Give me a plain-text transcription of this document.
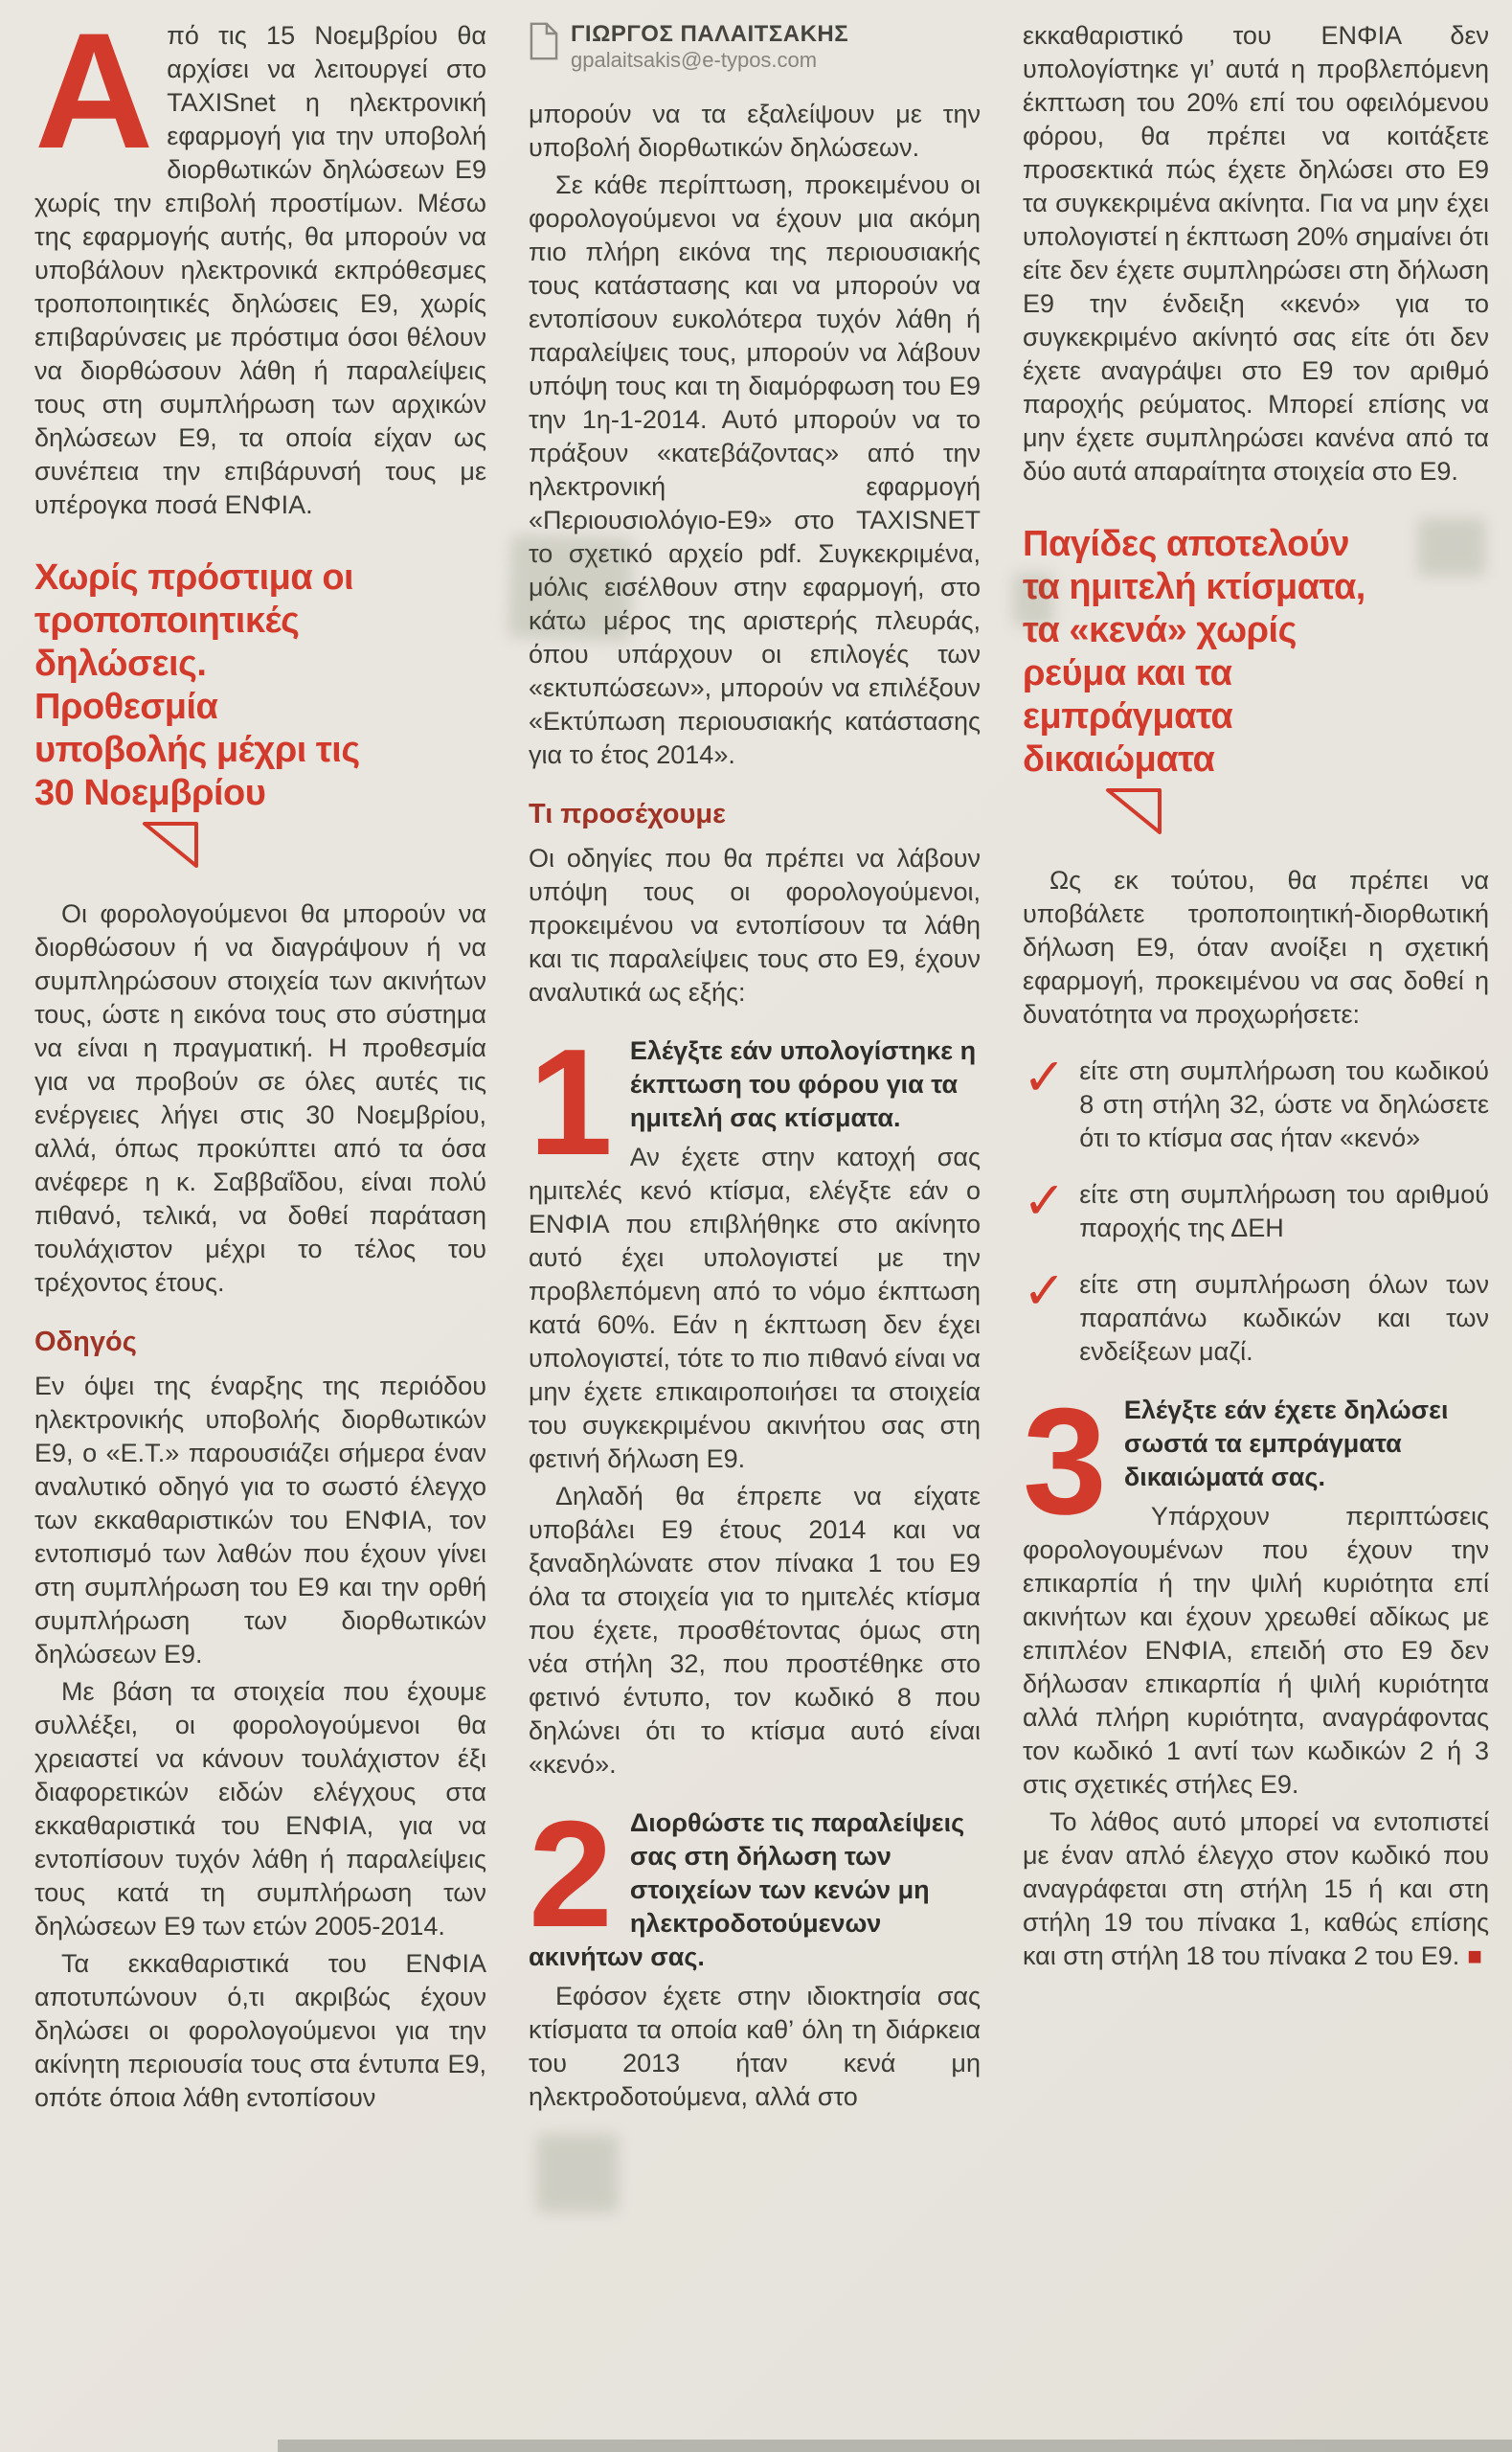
Από τις 15 Νοεμβρίου θα αρχίσει να λειτουργεί στο TAXISnet η ηλεκτρονική εφαρμογή για την υποβολή διορθωτικών δηλώσεων Ε9 χωρίς την επιβολή προστίμων. Μέσω της εφαρμογής αυτής, θα μπορούν να υποβάλουν ηλεκτρονικά εκπρόθεσμες τροποποιητικές δηλώσεις Ε9, χωρίς επιβαρύνσεις με πρόστιμα όσοι θέλουν να διορθώσουν λάθη ή παραλείψεις τους στη συμπλήρωση των αρχικών δηλώσεων Ε9, τα οποία είχαν ως συνέπεια την επιβάρυνσή τους με υπέρογκα ποσά ΕΝΦΙΑ.

Χωρίς πρόστιμα οι τροποποιητικές δηλώσεις. Προθεσμία υποβολής μέχρι τις 30 Νοεμβρίου

Οι φορολογούμενοι θα μπορούν να διορθώσουν ή να διαγράψουν ή να συμπληρώσουν στοιχεία των ακινήτων τους, ώστε η εικόνα τους στο σύστημα να είναι η πραγματική. Η προθεσμία για να προβούν σε όλες αυτές τις ενέργειες λήγει στις 30 Νοεμβρίου, αλλά, όπως προκύπτει από τα όσα ανέφερε η κ. Σαββαΐδου, είναι πολύ πιθανό, τελικά, να δοθεί παράταση τουλάχιστον μέχρι το τέλος του τρέχοντος έτους.

Οδηγός

Εν όψει της έναρξης της περιόδου ηλεκτρονικής υποβολής διορθωτικών Ε9, ο «Ε.Τ.» παρουσιάζει σήμερα έναν αναλυτικό οδηγό για το σωστό έλεγχο των εκκαθαριστικών του ΕΝΦΙΑ, τον εντοπισμό των λαθών που έχουν γίνει στη συμπλήρωση του Ε9 και την ορθή συμπλήρωση των διορθωτικών δηλώσεων Ε9.

Με βάση τα στοιχεία που έχουμε συλλέξει, οι φορολογούμενοι θα χρειαστεί να κάνουν τουλάχιστον έξι διαφορετικών ειδών ελέγχους στα εκκαθαριστικά του ΕΝΦΙΑ, για να εντοπίσουν τυχόν λάθη ή παραλείψεις τους κατά τη συμπλήρωση των δηλώσεων Ε9 των ετών 2005-2014.

Τα εκκαθαριστικά του ΕΝΦΙΑ αποτυπώνουν ό,τι ακριβώς έχουν δηλώσει οι φορολογούμενοι για την ακίνητη περιουσία τους στα έντυπα Ε9, οπότε όποια λάθη εντοπίσουν

ΓΙΩΡΓΟΣ ΠΑΛΑΙΤΣΑΚΗΣ
gpalaitsakis@e-typos.com

μπορούν να τα εξαλείψουν με την υποβολή διορθωτικών δηλώσεων.

Σε κάθε περίπτωση, προκειμένου οι φορολογούμενοι να έχουν μια ακόμη πιο πλήρη εικόνα της περιουσιακής τους κατάστασης και να μπορούν να εντοπίσουν ευκολότερα τυχόν λάθη ή παραλείψεις τους, μπορούν να λάβουν υπόψη τους και τη διαμόρφωση του Ε9 την 1η-1-2014. Αυτό μπορούν να το πράξουν «κατεβάζοντας» από την ηλεκτρονική εφαρμογή «Περιουσιολόγιο-Ε9» στο TAXISNET το σχετικό αρχείο pdf. Συγκεκριμένα, μόλις εισέλθουν στην εφαρμογή, στο κάτω μέρος της αριστερής πλευράς, όπου υπάρχουν οι επιλογές των «εκτυπώσεων», μπορούν να επιλέξουν «Εκτύπωση περιουσιακής κατάστασης για το έτος 2014».

Τι προσέχουμε

Οι οδηγίες που θα πρέπει να λάβουν υπόψη τους οι φορολογούμενοι, προκειμένου να εντοπίσουν τα λάθη και τις παραλείψεις τους στο Ε9, έχουν αναλυτικά ως εξής:

1 Ελέγξτε εάν υπολογίστηκε η έκπτωση του φόρου για τα ημιτελή σας κτίσματα.

Αν έχετε στην κατοχή σας ημιτελές κενό κτίσμα, ελέγξτε εάν ο ΕΝΦΙΑ που επιβλήθηκε στο ακίνητο αυτό έχει υπολογιστεί με την προβλεπόμενη από το νόμο έκπτωση κατά 60%. Εάν η έκπτωση δεν έχει υπολογιστεί, τότε το πιο πιθανό είναι να μην έχετε επικαιροποιήσει τα στοιχεία του συγκεκριμένου ακινήτου σας στη φετινή δήλωση Ε9.

Δηλαδή θα έπρεπε να είχατε υποβάλει Ε9 έτους 2014 και να ξαναδηλώνατε στον πίνακα 1 του Ε9 όλα τα στοιχεία για το ημιτελές κτίσμα που έχετε, προσθέτοντας όμως στη νέα στήλη 32, που προστέθηκε στο φετινό έντυπο, τον κωδικό 8 που δηλώνει ότι το κτίσμα αυτό είναι «κενό».

2 Διορθώστε τις παραλείψεις σας στη δήλωση των στοιχείων των κενών μη ηλεκτροδοτούμενων ακινήτων σας.

Εφόσον έχετε στην ιδιοκτησία σας κτίσματα τα οποία καθ’ όλη τη διάρκεια του 2013 ήταν κενά μη ηλεκτροδοτούμενα, αλλά στο

εκκαθαριστικό του ΕΝΦΙΑ δεν υπολογίστηκε γι’ αυτά η προβλεπόμενη έκπτωση του 20% επί του οφειλόμενου φόρου, θα πρέπει να κοιτάξετε προσεκτικά πώς έχετε δηλώσει στο Ε9 τα συγκεκριμένα ακίνητα. Για να μην έχει υπολογιστεί η έκπτωση 20% σημαίνει ότι είτε δεν έχετε συμπληρώσει στη δήλωση Ε9 την ένδειξη «κενό» για το συγκεκριμένο ακίνητό σας είτε ότι δεν έχετε αναγράψει στο Ε9 τον αριθμό παροχής ρεύματος. Μπορεί επίσης να μην έχετε συμπληρώσει κανένα από τα δύο αυτά απαραίτητα στοιχεία στο Ε9.

Παγίδες αποτελούν τα ημιτελή κτίσματα, τα «κενά» χωρίς ρεύμα και τα εμπράγματα δικαιώματα

Ως εκ τούτου, θα πρέπει να υποβάλετε τροποποιητική-διορθωτική δήλωση Ε9, όταν ανοίξει η σχετική εφαρμογή, προκειμένου να σας δοθεί η δυνατότητα να προχωρήσετε:

✓ είτε στη συμπλήρωση του κωδικού 8 στη στήλη 32, ώστε να δηλώσετε ότι το κτίσμα σας ήταν «κενό»
✓ είτε στη συμπλήρωση του αριθμού παροχής της ΔΕΗ
✓ είτε στη συμπλήρωση όλων των παραπάνω κωδικών και των ενδείξεων μαζί.
3 Ελέγξτε εάν έχετε δηλώσει σωστά τα εμπράγματα δικαιώματά σας.

Υπάρχουν περιπτώσεις φορολογουμένων που έχουν την επικαρπία ή την ψιλή κυριότητα επί ακινήτων και έχουν χρεωθεί αδίκως με επιπλέον ΕΝΦΙΑ, επειδή στο Ε9 δεν δήλωσαν επικαρπία ή ψιλή κυριότητα αλλά πλήρη κυριότητα, αναγράφοντας τον κωδικό 1 αντί των κωδικών 2 ή 3 στις σχετικές στήλες Ε9.

Το λάθος αυτό μπορεί να εντοπιστεί με έναν απλό έλεγχο στον κωδικό που αναγράφεται στη στήλη 15 ή και στη στήλη 19 του πίνακα 1, καθώς επίσης και στη στήλη 18 του πίνακα 2 του Ε9. ■
